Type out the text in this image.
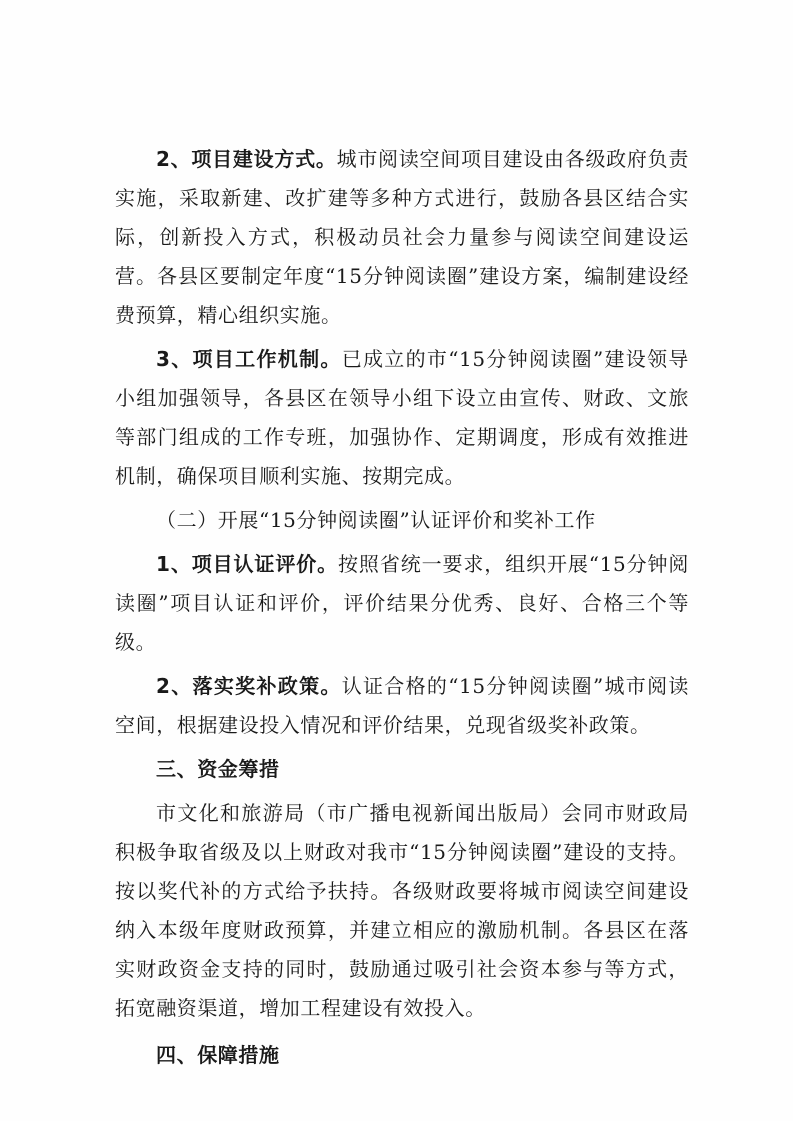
2、项目建设方式。城市阅读空间项目建设由各级政府负责实施，采取新建、改扩建等多种方式进行，鼓励各县区结合实际，创新投入方式，积极动员社会力量参与阅读空间建设运营。各县区要制定年度“15分钟阅读圈”建设方案，编制建设经费预算，精心组织实施。

3、项目工作机制。已成立的市“15分钟阅读圈”建设领导小组加强领导，各县区在领导小组下设立由宣传、财政、文旅等部门组成的工作专班，加强协作、定期调度，形成有效推进机制，确保项目顺利实施、按期完成。

（二）开展“15分钟阅读圈”认证评价和奖补工作

1、项目认证评价。按照省统一要求，组织开展“15分钟阅读圈”项目认证和评价，评价结果分优秀、良好、合格三个等级。

2、落实奖补政策。认证合格的“15分钟阅读圈”城市阅读空间，根据建设投入情况和评价结果，兑现省级奖补政策。

三、资金筹措

市文化和旅游局（市广播电视新闻出版局）会同市财政局积极争取省级及以上财政对我市“15分钟阅读圈”建设的支持。按以奖代补的方式给予扶持。各级财政要将城市阅读空间建设纳入本级年度财政预算，并建立相应的激励机制。各县区在落实财政资金支持的同时，鼓励通过吸引社会资本参与等方式，拓宽融资渠道，增加工程建设有效投入。

四、保障措施
